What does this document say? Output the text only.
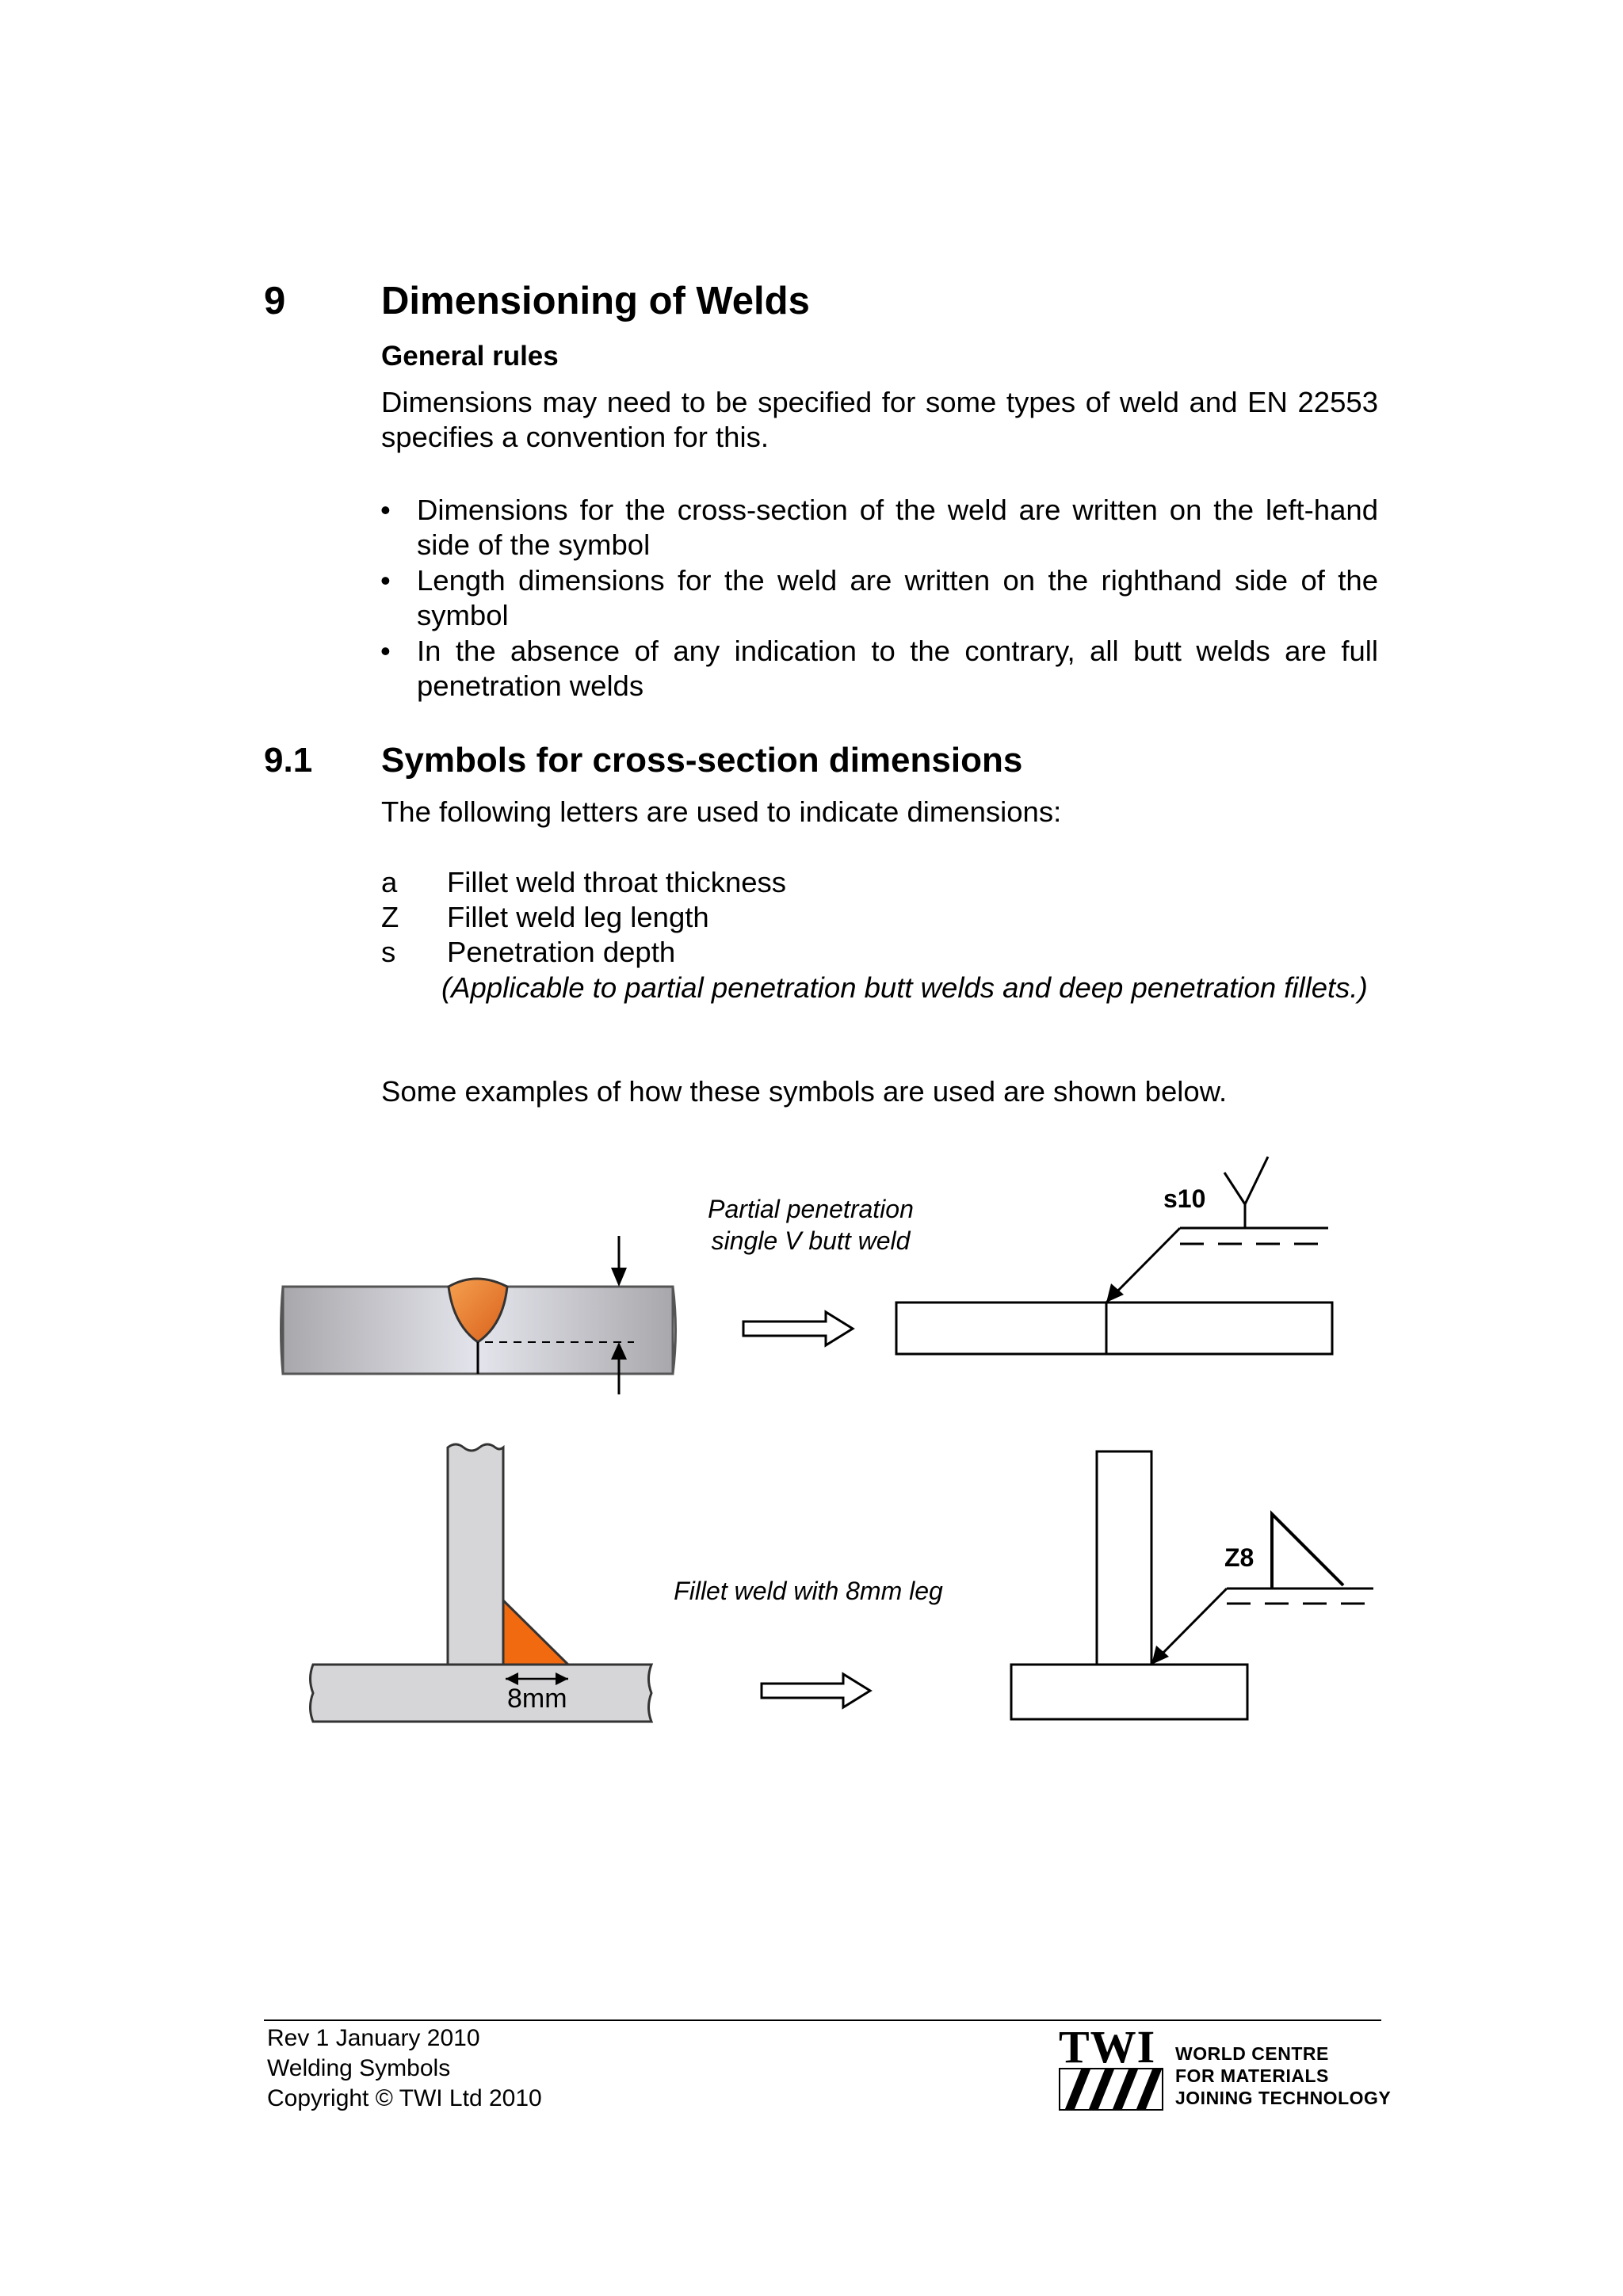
9 Dimensioning of Welds
General rules
Dimensions may need to be specified for some types of weld and EN 22553 specifies a convention for this.
• Dimensions for the cross-section of the weld are written on the left-hand side of the symbol
• Length dimensions for the weld are written on the righthand side of the symbol
• In the absence of any indication to the contrary, all butt welds are full penetration welds
9.1 Symbols for cross-section dimensions
The following letters are used to indicate dimensions:
a Fillet weld throat thickness
Z Fillet weld leg length
s Penetration depth
(Applicable to partial penetration butt welds and deep penetration fillets.)
Some examples of how these symbols are used are shown below.
Partial penetration
single V butt weld
s10
Fillet weld with 8mm leg
8mm
Z8
Rev 1 January 2010
Welding Symbols
Copyright © TWI Ltd 2010
TWI WORLD CENTRE
FOR MATERIALS
JOINING TECHNOLOGY
